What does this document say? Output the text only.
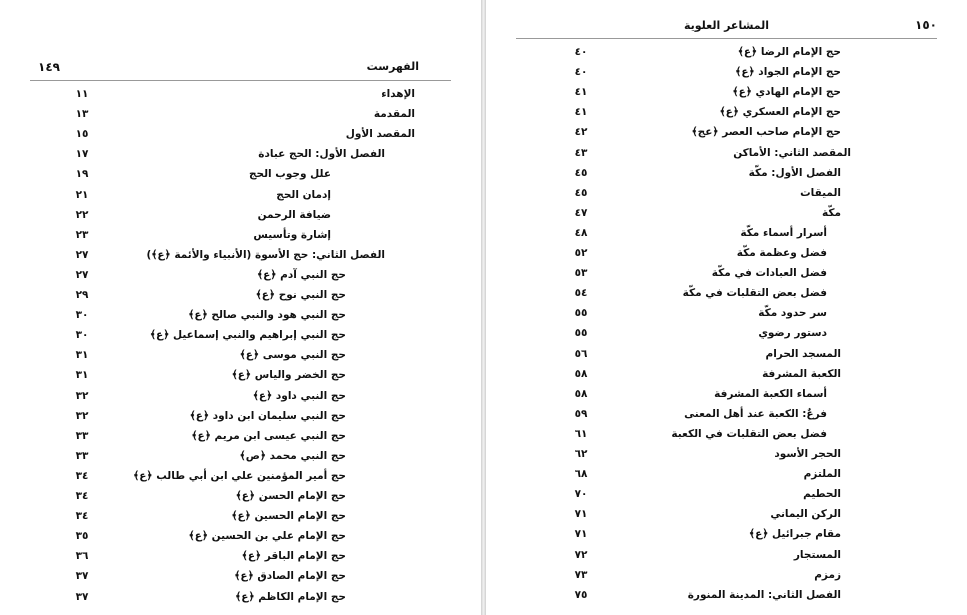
١٤٩	الفهرست
الإهداء
١١
المقدمة
١٣
المقصد الأول
١٥
الفصل الأول: الحج عبادة
١٧
علل وجوب الحج
١٩
إدمان الحج
٢١
ضيافة الرحمن
٢٢
إشارة وتأسيس
٢٣
الفصل الثاني: حج الأسوة (الأنبياء والأئمة ﴿ع﴾)
٢٧
حج النبي آدم ﴿ع﴾
٢٧
حج النبي نوح ﴿ع﴾
٢٩
حج النبي هود والنبي صالح ﴿ع﴾
٣٠
حج النبي إبراهيم والنبي إسماعيل ﴿ع﴾
٣٠
حج النبي موسى ﴿ع﴾
٣١
حج الخضر والياس ﴿ع﴾
٣١
حج النبي داود ﴿ع﴾
٣٢
حج النبي سليمان ابن داود ﴿ع﴾
٣٢
حج النبي عيسى ابن مريم ﴿ع﴾
٣٣
حج النبي محمد ﴿ص﴾
٣٣
حج أمير المؤمنين علي ابن أبي طالب ﴿ع﴾
٣٤
حج الإمام الحسن ﴿ع﴾
٣٤
حج الإمام الحسين ﴿ع﴾
٣٤
حج الإمام علي بن الحسين ﴿ع﴾
٣٥
حج الإمام الباقر ﴿ع﴾
٣٦
حج الإمام الصادق ﴿ع﴾
٣٧
حج الإمام الكاظم ﴿ع﴾
٣٧
١٥٠
المشاعر العلوية
حج الإمام الرضا ﴿ع﴾
٤٠
حج الإمام الجواد ﴿ع﴾
٤٠
حج الإمام الهادي ﴿ع﴾
٤١
حج الإمام العسكري ﴿ع﴾
٤١
حج الإمام صاحب العصر ﴿عج﴾
٤٢
المقصد الثاني: الأماكن
٤٣
الفصل الأول: مكّة
٤٥
الميقات
٤٥
مكّة
٤٧
أسرار أسماء مكّة
٤٨
فضل وعظمة مكّة
٥٢
فضل العبادات في مكّة
٥٣
فضل بعض التقلبات في مكّة
٥٤
سر حدود مكّة
٥٥
دستور رضوي
٥٥
المسجد الحرام
٥٦
الكعبة المشرفة
٥٨
أسماء الكعبة المشرفة
٥٨
فرعٌ: الكعبة عند أهل المعنى
٥٩
فضل بعض التقلبات في الكعبة
٦١
الحجر الأسود
٦٢
الملتزم
٦٨
الحطيم
٧٠
الركن اليماني
٧١
مقام جبرائيل ﴿ع﴾
٧١
المستجار
٧٢
زمزم
٧٣
الفصل الثاني: المدينة المنورة
٧٥
